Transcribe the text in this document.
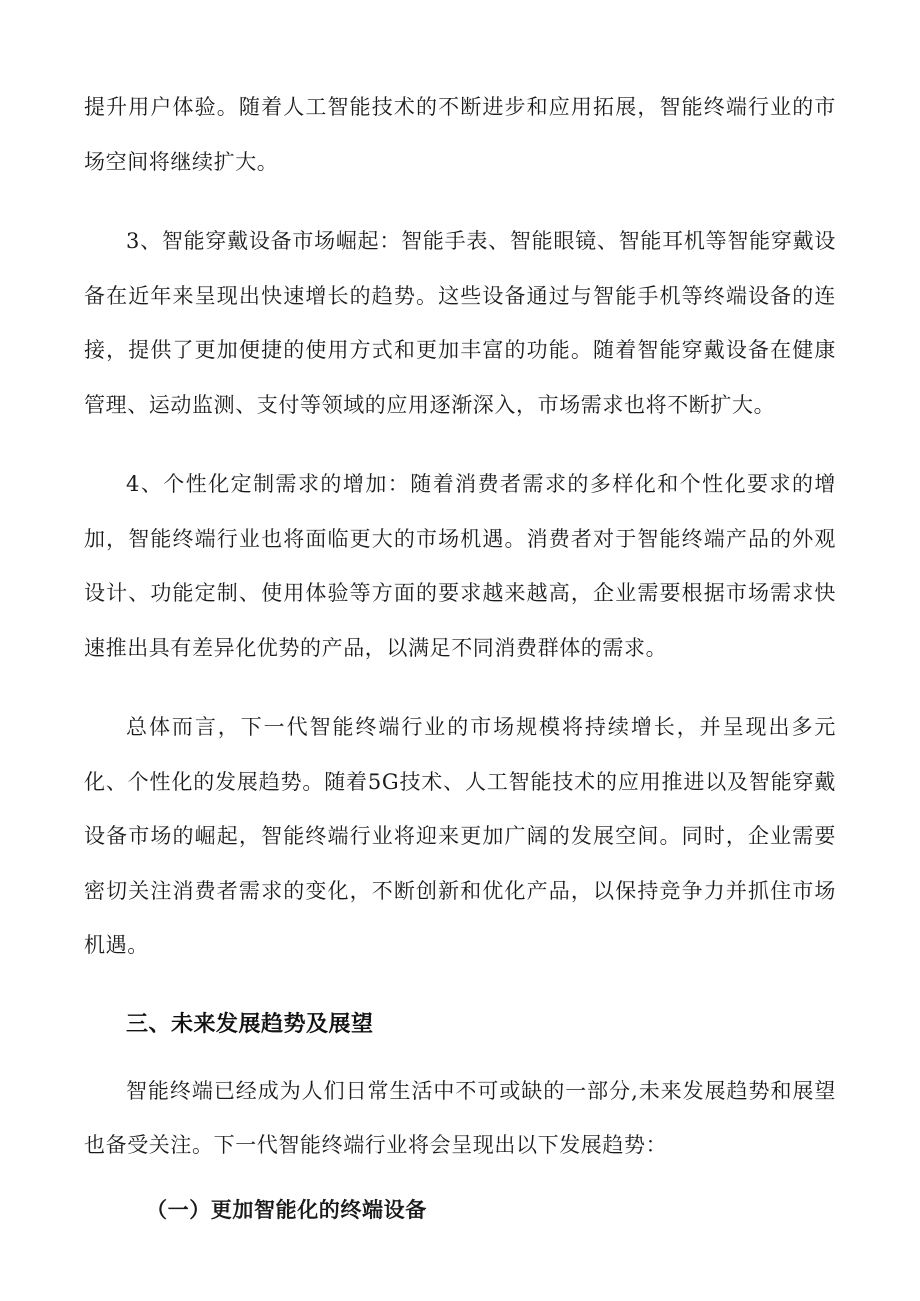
提升用户体验。随着人工智能技术的不断进步和应用拓展，智能终端行业的市场空间将继续扩大。

3、智能穿戴设备市场崛起：智能手表、智能眼镜、智能耳机等智能穿戴设备在近年来呈现出快速增长的趋势。这些设备通过与智能手机等终端设备的连接，提供了更加便捷的使用方式和更加丰富的功能。随着智能穿戴设备在健康管理、运动监测、支付等领域的应用逐渐深入，市场需求也将不断扩大。

4、个性化定制需求的增加：随着消费者需求的多样化和个性化要求的增加，智能终端行业也将面临更大的市场机遇。消费者对于智能终端产品的外观设计、功能定制、使用体验等方面的要求越来越高，企业需要根据市场需求快速推出具有差异化优势的产品，以满足不同消费群体的需求。

总体而言，下一代智能终端行业的市场规模将持续增长，并呈现出多元化、个性化的发展趋势。随着5G技术、人工智能技术的应用推进以及智能穿戴设备市场的崛起，智能终端行业将迎来更加广阔的发展空间。同时，企业需要密切关注消费者需求的变化，不断创新和优化产品，以保持竞争力并抓住市场机遇。

三、未来发展趋势及展望

智能终端已经成为人们日常生活中不可或缺的一部分,未来发展趋势和展望也备受关注。下一代智能终端行业将会呈现出以下发展趋势：

（一）更加智能化的终端设备
